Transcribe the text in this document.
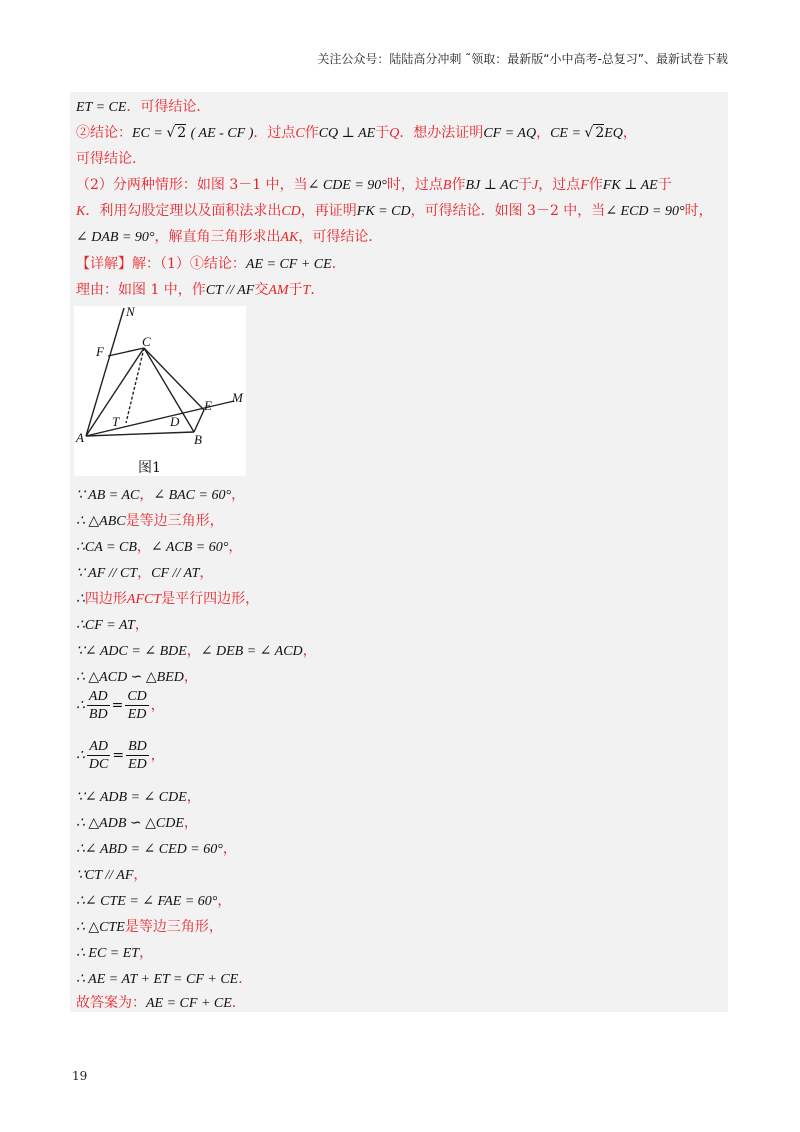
关注公众号：陆陆高分冲刺 ˜领取：最新版“小中高考-总复习”、最新试卷下载
ET = CE．可得结论．
②结论：EC = √ 2 ( AE - CF )．过点C作CQ ⊥ AE于Q．想办法证明CF = AQ，CE = √ 2EQ，
可得结论．
（2）分两种情形：如图 3－1 中，当∠ CDE = 90°时，过点B作BJ ⊥ AC于J，过点F作FK ⊥ AE于
K．利用勾股定理以及面积法求出CD，再证明FK = CD，可得结论．如图 3－2 中，当∠ ECD = 90°时，
∠ DAB = 90°，解直角三角形求出AK，可得结论．
【详解】解：（1）①结论：AE = CF + CE．
理由：如图 1 中，作CT // AF交AM于T．
N
C
F
M
E
T	D
A	B
图1
∵ AB = AC，∠ BAC = 60°，
∴ △ABC是等边三角形，
∴CA = CB，∠ ACB = 60°，
∵ AF // CT，CF // AT，
∴四边形AFCT是平行四边形，
∴CF = AT，
∵∠ ADC = ∠ BDE，∠ DEB = ∠ ACD，
∴ △ACD ∽ △BED，
∴ $\frac{AD}{BD} = \frac{CD}{ED}$ ，
∴ $\frac{AD}{DC} = \frac{BD}{ED}$ ，
∵∠ ADB = ∠ CDE，
∴ △ADB ∽ △CDE，
∴∠ ABD = ∠ CED = 60°，
∵CT // AF，
∴∠ CTE = ∠ FAE = 60°，
∴ △CTE是等边三角形，
∴ EC = ET，
∴ AE = AT + ET = CF + CE．
故答案为：AE = CF + CE．
19
